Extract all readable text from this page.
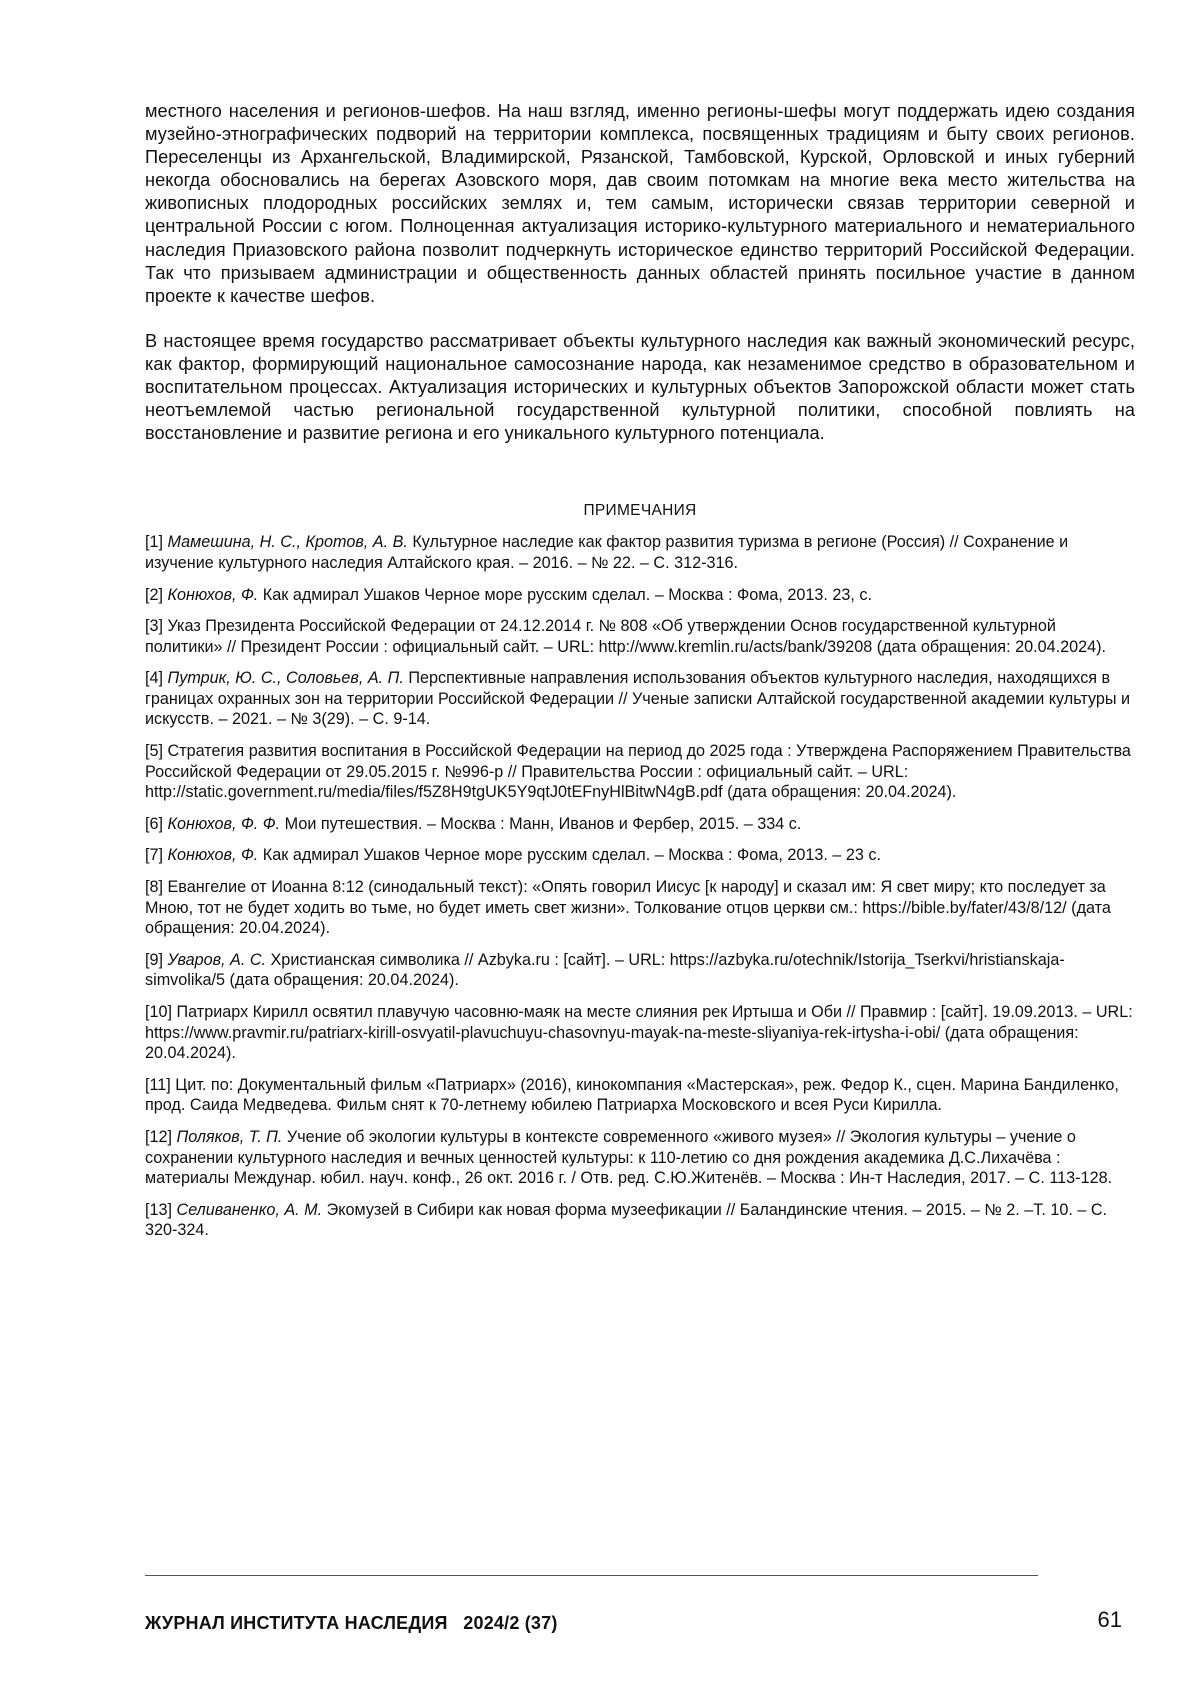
местного населения и регионов-шефов. На наш взгляд, именно регионы-шефы могут поддержать идею создания музейно-этнографических подворий на территории комплекса, посвященных традициям и быту своих регионов. Переселенцы из Архангельской, Владимирской, Рязанской, Тамбовской, Курской, Орловской и иных губерний некогда обосновались на берегах Азовского моря, дав своим потомкам на многие века место жительства на живописных плодородных российских землях и, тем самым, исторически связав территории северной и центральной России с югом. Полноценная актуализация историко-культурного материального и нематериального наследия Приазовского района позволит подчеркнуть историческое единство территорий Российской Федерации. Так что призываем администрации и общественность данных областей принять посильное участие в данном проекте к качестве шефов.

В настоящее время государство рассматривает объекты культурного наследия как важный экономический ресурс, как фактор, формирующий национальное самосознание народа, как незаменимое средство в образовательном и воспитательном процессах. Актуализация исторических и культурных объектов Запорожской области может стать неотъемлемой частью региональной государственной культурной политики, способной повлиять на восстановление и развитие региона и его уникального культурного потенциала.

ПРИМЕЧАНИЯ

[1] Мамешина, Н. С., Кротов, А. В. Культурное наследие как фактор развития туризма в регионе (Россия) // Сохранение и изучение культурного наследия Алтайского края. – 2016. – № 22. – С. 312-316.

[2] Конюхов, Ф. Как адмирал Ушаков Черное море русским сделал. – Москва : Фома, 2013. 23, с.

[3] Указ Президента Российской Федерации от 24.12.2014 г. № 808 «Об утверждении Основ государственной культурной политики» // Президент России : официальный сайт. – URL: http://www.kremlin.ru/acts/bank/39208 (дата обращения: 20.04.2024).

[4] Путрик, Ю. С., Соловьев, А. П. Перспективные направления использования объектов культурного наследия, находящихся в границах охранных зон на территории Российской Федерации // Ученые записки Алтайской государственной академии культуры и искусств. – 2021. – № 3(29). – С. 9-14.

[5] Стратегия развития воспитания в Российской Федерации на период до 2025 года : Утверждена Распоряжением Правительства Российской Федерации от 29.05.2015 г. №996-р // Правительства России : официальный сайт. – URL: http://static.government.ru/media/files/f5Z8H9tgUK5Y9qtJ0tEFnyHlBitwN4gB.pdf (дата обращения: 20.04.2024).

[6] Конюхов, Ф. Ф. Мои путешествия. – Москва : Манн, Иванов и Фербер, 2015. – 334 с.

[7] Конюхов, Ф. Как адмирал Ушаков Черное море русским сделал. – Москва : Фома, 2013. – 23 с.

[8] Евангелие от Иоанна 8:12 (синодальный текст): «Опять говорил Иисус [к народу] и сказал им: Я свет миру; кто последует за Мною, тот не будет ходить во тьме, но будет иметь свет жизни». Толкование отцов церкви см.: https://bible.by/fater/43/8/12/ (дата обращения: 20.04.2024).

[9] Уваров, А. С. Христианская символика // Azbyka.ru : [сайт]. – URL: https://azbyka.ru/otechnik/Istorija_Tserkvi/hristianskaja-simvolika/5 (дата обращения: 20.04.2024).

[10] Патриарх Кирилл освятил плавучую часовню-маяк на месте слияния рек Иртыша и Оби // Правмир : [сайт]. 19.09.2013. – URL: https://www.pravmir.ru/patriarx-kirill-osvyatil-plavuchuyu-chasovnyu-mayak-na-meste-sliyaniya-rek-irtysha-i-obi/ (дата обращения: 20.04.2024).

[11] Цит. по: Документальный фильм «Патриарх» (2016), кинокомпания «Мастерская», реж. Федор К., сцен. Марина Бандиленко, прод. Саида Медведева. Фильм снят к 70-летнему юбилею Патриарха Московского и всея Руси Кирилла.

[12] Поляков, Т. П. Учение об экологии культуры в контексте современного «живого музея» // Экология культуры – учение о сохранении культурного наследия и вечных ценностей культуры: к 110-летию со дня рождения академика Д.С.Лихачёва : материалы Междунар. юбил. науч. конф., 26 окт. 2016 г. / Отв. ред. С.Ю.Житенёв. – Москва : Ин-т Наследия, 2017. – С. 113-128.

[13] Селиваненко, А. М. Экомузей в Сибири как новая форма музеефикации // Баландинские чтения. – 2015. – № 2. –Т. 10. – С. 320-324.

ЖУРНАЛ ИНСТИТУТА НАСЛЕДИЯ   2024/2 (37)	61
